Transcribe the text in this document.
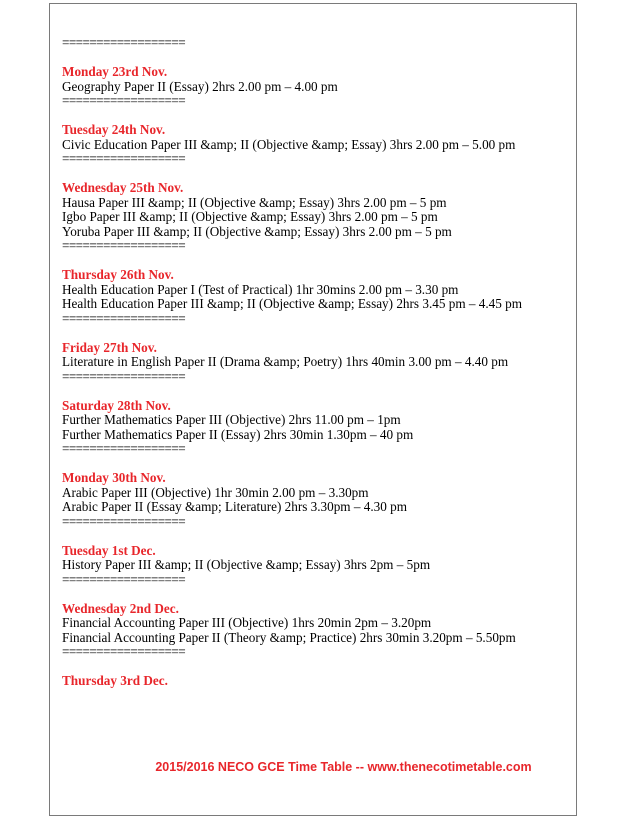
==================
Monday 23rd Nov.
Geography Paper II (Essay) 2hrs 2.00 pm – 4.00 pm
==================
Tuesday 24th Nov.
Civic Education Paper III &amp; II (Objective &amp; Essay) 3hrs 2.00 pm – 5.00 pm
==================
Wednesday 25th Nov.
Hausa Paper III &amp; II (Objective &amp; Essay) 3hrs 2.00 pm – 5 pm
Igbo Paper III &amp; II (Objective &amp; Essay) 3hrs 2.00 pm – 5 pm
Yoruba Paper III &amp; II (Objective &amp; Essay) 3hrs 2.00 pm – 5 pm
==================
Thursday 26th Nov.
Health Education Paper I (Test of Practical) 1hr 30mins 2.00 pm – 3.30 pm
Health Education Paper III &amp; II (Objective &amp; Essay) 2hrs 3.45 pm – 4.45 pm
==================
Friday 27th Nov.
Literature in English Paper II (Drama &amp; Poetry) 1hrs 40min 3.00 pm – 4.40 pm
==================
Saturday 28th Nov.
Further Mathematics Paper III (Objective) 2hrs 11.00 pm – 1pm
Further Mathematics Paper II (Essay) 2hrs 30min 1.30pm – 40 pm
==================
Monday 30th Nov.
Arabic Paper III (Objective) 1hr 30min 2.00 pm – 3.30pm
Arabic Paper II (Essay &amp; Literature) 2hrs 3.30pm – 4.30 pm
==================
Tuesday 1st Dec.
History Paper III &amp; II (Objective &amp; Essay) 3hrs 2pm – 5pm
==================
Wednesday 2nd Dec.
Financial Accounting Paper III (Objective) 1hrs 20min 2pm – 3.20pm
Financial Accounting Paper II (Theory &amp; Practice) 2hrs 30min 3.20pm – 5.50pm
==================
Thursday 3rd Dec.
2015/2016 NECO GCE Time Table -- www.thenecotimetable.com
